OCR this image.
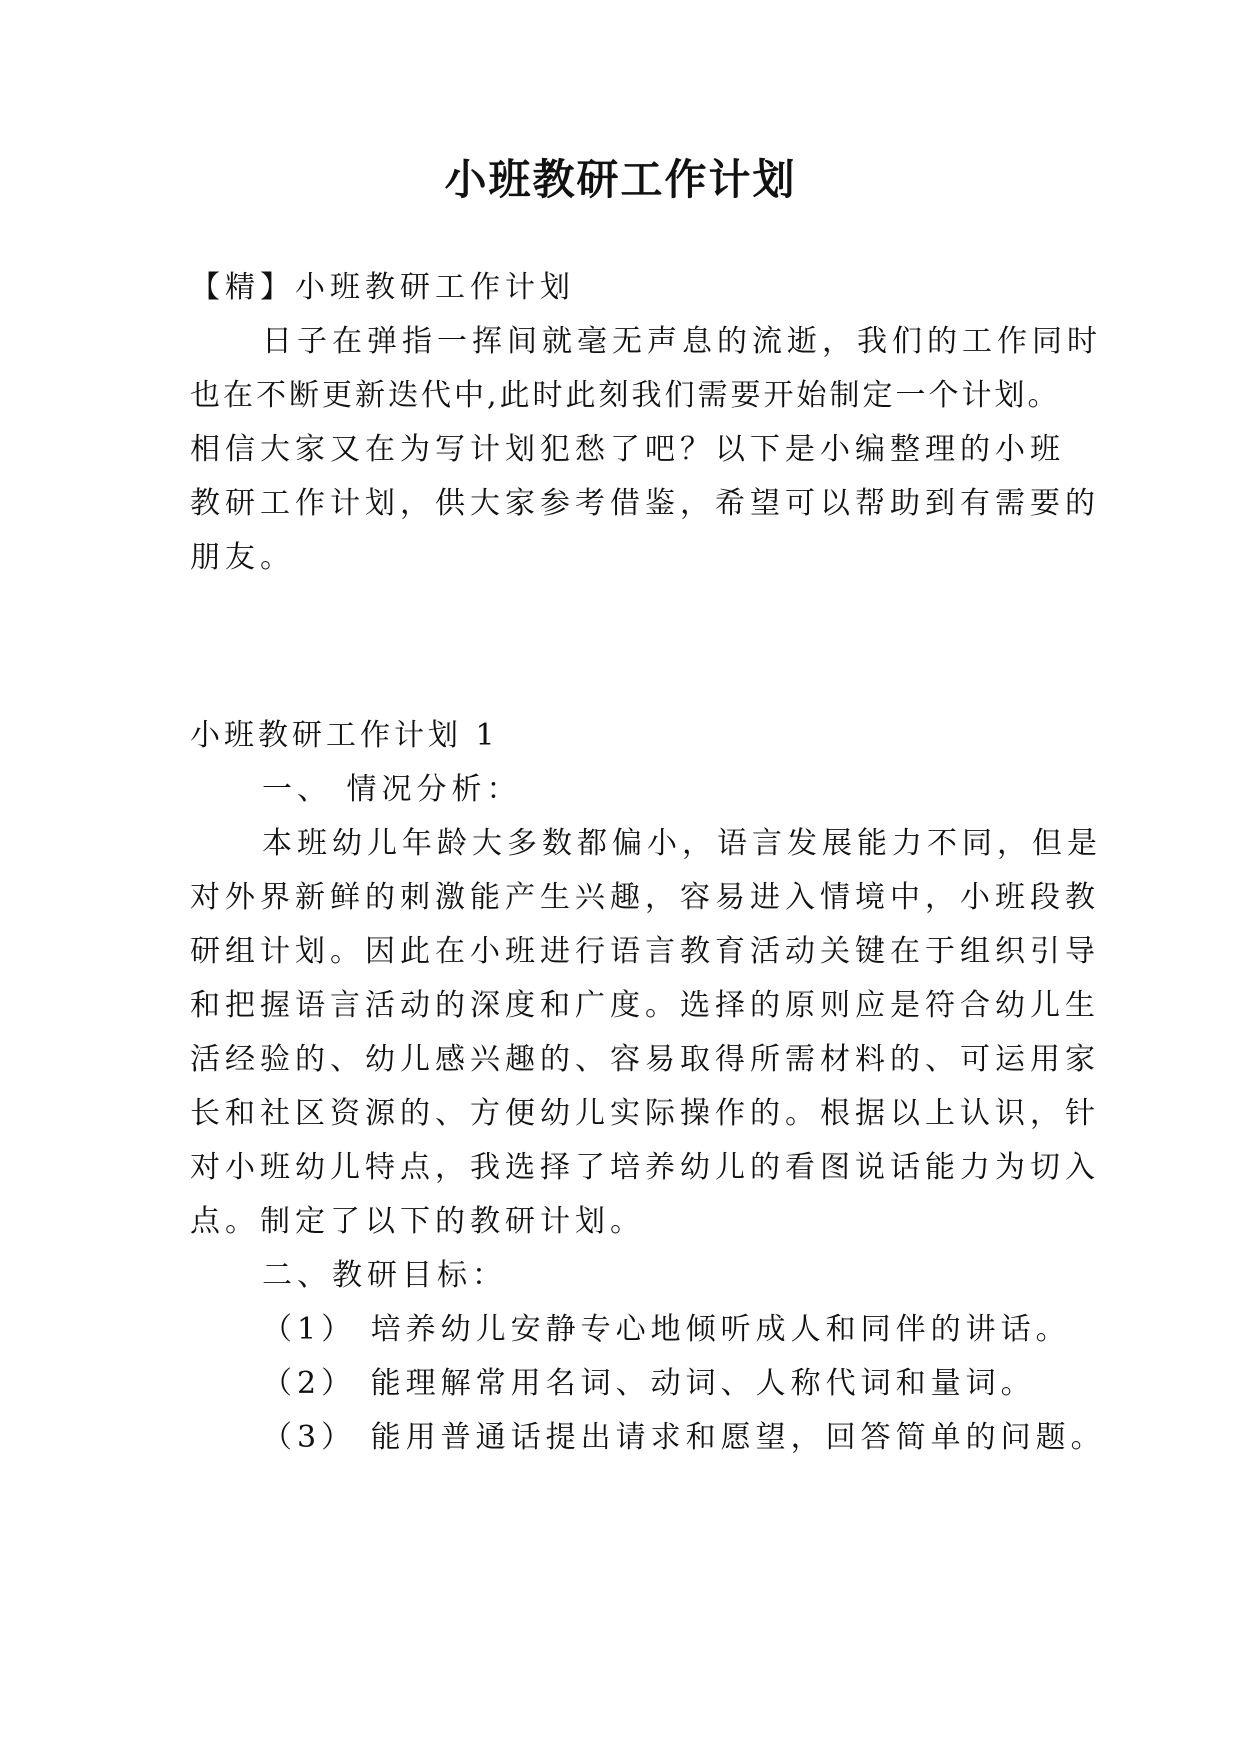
小班教研工作计划
【精】小班教研工作计划
日子在弹指一挥间就毫无声息的流逝，我们的工作同时
也在不断更新迭代中,此时此刻我们需要开始制定一个计划。
相信大家又在为写计划犯愁了吧？以下是小编整理的小班
教研工作计划，供大家参考借鉴，希望可以帮助到有需要的
朋友。
小班教研工作计划 1
一、 情况分析：
本班幼儿年龄大多数都偏小，语言发展能力不同，但是
对外界新鲜的刺激能产生兴趣，容易进入情境中，小班段教
研组计划。因此在小班进行语言教育活动关键在于组织引导
和把握语言活动的深度和广度。选择的原则应是符合幼儿生
活经验的、幼儿感兴趣的、容易取得所需材料的、可运用家
长和社区资源的、方便幼儿实际操作的。根据以上认识，针
对小班幼儿特点，我选择了培养幼儿的看图说话能力为切入
点。制定了以下的教研计划。
二、教研目标：
（1） 培养幼儿安静专心地倾听成人和同伴的讲话。
（2） 能理解常用名词、动词、人称代词和量词。
（3） 能用普通话提出请求和愿望，回答简单的问题。
